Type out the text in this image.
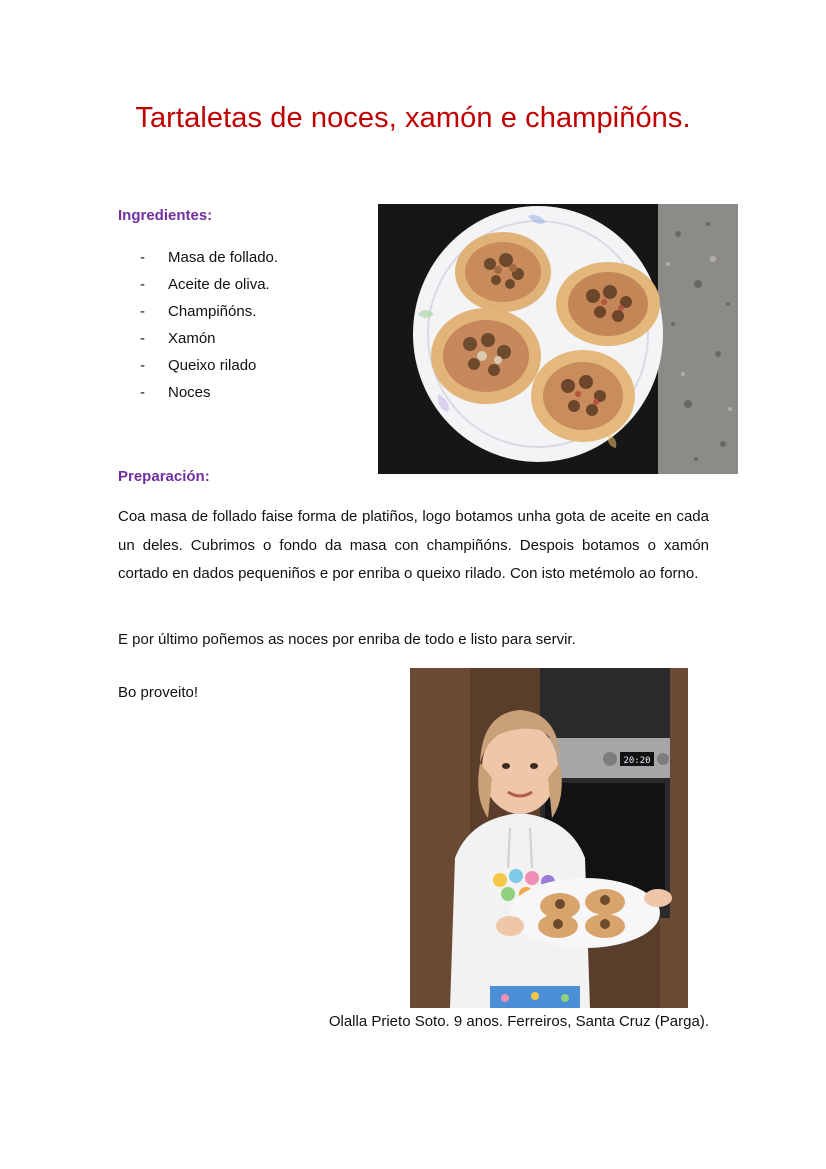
Tartaletas de noces, xamón e champiñóns.
Ingredientes:
-	Masa de follado.
-	Aceite de oliva.
-	Champiñóns.
-	Xamón
-	Queixo rilado
-	Noces
Preparación:

Coa masa de follado faise forma de platiños, logo botamos unha gota de aceite en cada un deles. Cubrimos o fondo da masa con champiñóns. Despois botamos o xamón cortado en dados pequeniños e por enriba o queixo rilado. Con isto metémolo ao forno.

E por último poñemos as noces por enriba de todo e listo para servir.

Bo proveito!
20:20
Olalla Prieto Soto. 9 anos. Ferreiros, Santa Cruz (Parga).
